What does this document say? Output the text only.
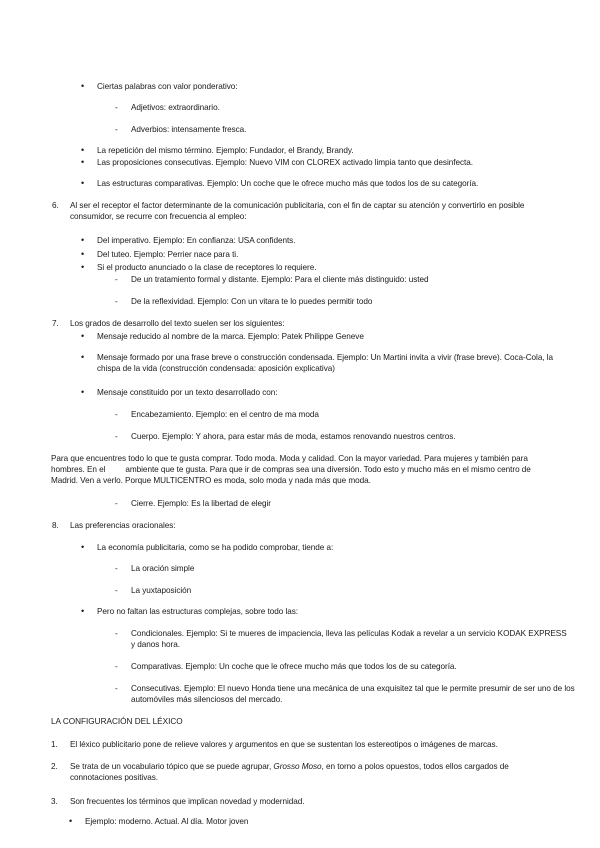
• Ciertas palabras con valor ponderativo:
- Adjetivos: extraordinario.
- Adverbios: intensamente fresca.
• La repetición del mismo término. Ejemplo: Fundador, el Brandy, Brandy.
• Las proposiciones consecutivas. Ejemplo: Nuevo VIM con CLOREX activado limpia tanto que desinfecta.
• Las estructuras comparativas. Ejemplo: Un coche que le ofrece mucho más que todos los de su categoría.
6. Al ser el receptor el factor determinante de la comunicación publicitaria, con el fin de captar su atención y convertirlo en posible consumidor, se recurre con frecuencia al empleo:
• Del imperativo. Ejemplo: En confianza: USA confidents.
• Del tuteo. Ejemplo: Perrier nace para ti.
• Si el producto anunciado o la clase de receptores lo requiere.
- De un tratamiento formal y distante. Ejemplo: Para el cliente más distinguido: usted
- De la reflexividad. Ejemplo: Con un vitara te lo puedes permitir todo
7. Los grados de desarrollo del texto suelen ser los siguientes:
• Mensaje reducido al nombre de la marca. Ejemplo: Patek Philippe Geneve
• Mensaje formado por una frase breve o construcción condensada. Ejemplo: Un Martini invita a vivir (frase breve). Coca-Cola, la chispa de la vida (construcción condensada: aposición explicativa)
• Mensaje constituido por un texto desarrollado con:
- Encabezamiento. Ejemplo: en el centro de ma moda
- Cuerpo. Ejemplo: Y ahora, para estar más de moda, estamos renovando nuestros centros.
Para que encuentres todo lo que te gusta comprar. Todo moda. Moda y calidad. Con la mayor variedad. Para mujeres y también para hombres. En el         ambiente que te gusta. Para que ir de compras sea una diversión. Todo esto y mucho más en el mismo centro de Madrid. Ven a verlo. Porque MULTICENTRO es moda, solo moda y nada más que moda.
- Cierre. Ejemplo: Es la libertad de elegir
8. Las preferencias oracionales:
• La economía publicitaria, como se ha podido comprobar, tiende a:
- La oración simple
- La yuxtaposición
• Pero no faltan las estructuras complejas, sobre todo las:
- Condicionales. Ejemplo: Si te mueres de impaciencia, lleva las películas Kodak a revelar a un servicio KODAK EXPRESS y danos hora.
- Comparativas. Ejemplo: Un coche que le ofrece mucho más que todos los de su categoría.
- Consecutivas. Ejemplo: El nuevo Honda tiene una mecánica de una exquisitez tal que le permite presumir de ser uno de los automóviles más silenciosos del mercado.
LA CONFIGURACIÓN DEL LÉXICO
1. El léxico publicitario pone de relieve valores y argumentos en que se sustentan los estereotipos o imágenes de marcas.
2. Se trata de un vocabulario tópico que se puede agrupar, Grosso Moso, en torno a polos opuestos, todos ellos cargados de connotaciones positivas.
3. Son frecuentes los términos que implican novedad y modernidad.
• Ejemplo: moderno. Actual. Al día. Motor joven
